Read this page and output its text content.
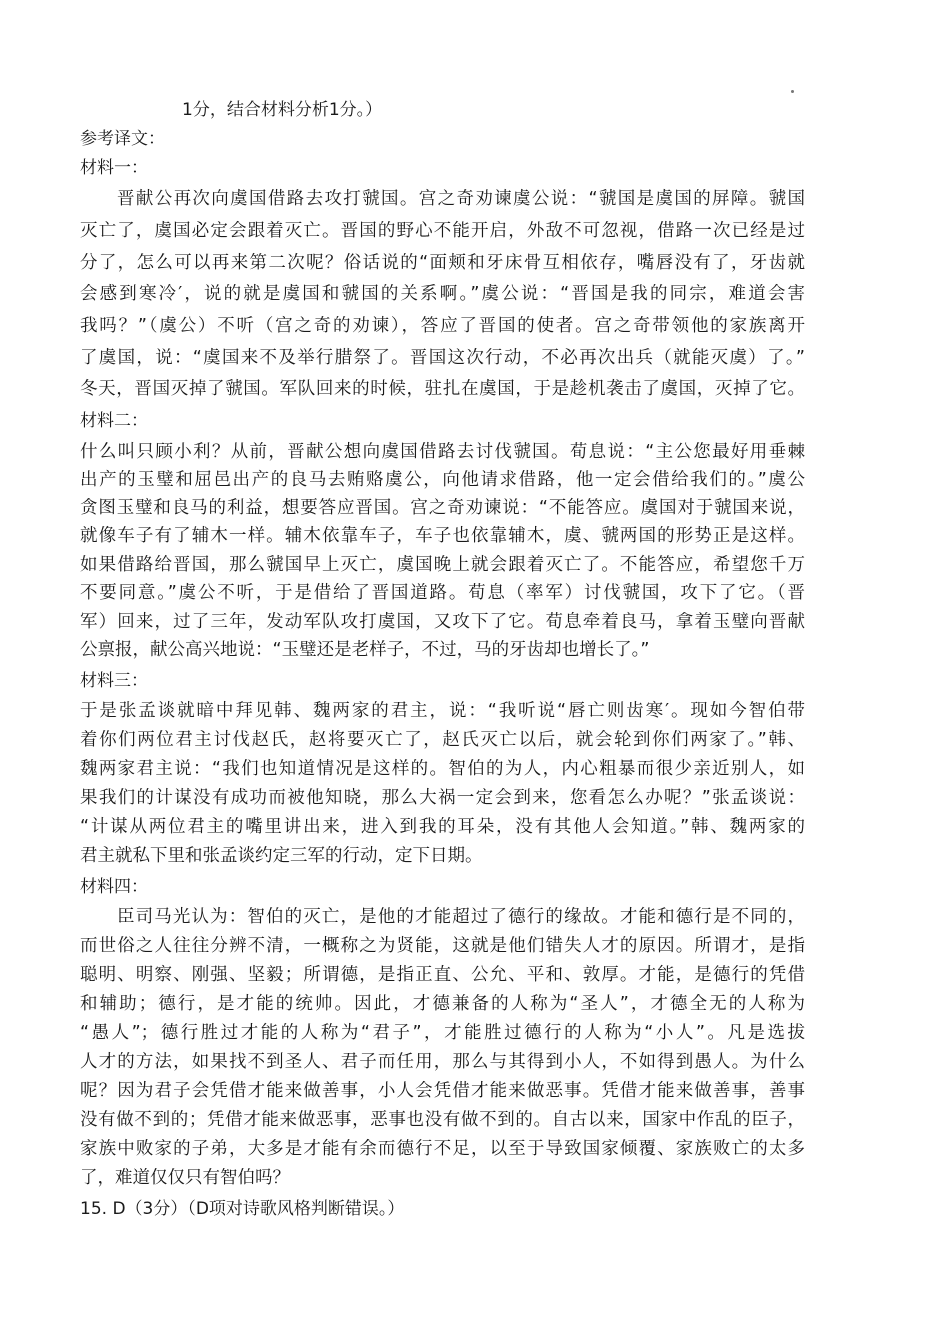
1分，结合材料分析1分。）
参考译文：
材料一：
晋献公再次向虞国借路去攻打虢国。宫之奇劝谏虞公说：“虢国是虞国的屏障。虢国
灭亡了，虞国必定会跟着灭亡。晋国的野心不能开启，外敌不可忽视，借路一次已经是过
分了，怎么可以再来第二次呢？俗话说的“面颊和牙床骨互相依存，嘴唇没有了，牙齿就
会感到寒冷′，说的就是虞国和虢国的关系啊。”虞公说：“晋国是我的同宗，难道会害
我吗？”（虞公）不听（宫之奇的劝谏），答应了晋国的使者。宫之奇带领他的家族离开
了虞国，说：“虞国来不及举行腊祭了。晋国这次行动，不必再次出兵（就能灭虞）了。”
冬天，晋国灭掉了虢国。军队回来的时候，驻扎在虞国，于是趁机袭击了虞国，灭掉了它。
材料二：
什么叫只顾小利？从前，晋献公想向虞国借路去讨伐虢国。荀息说：“主公您最好用垂棘
出产的玉璧和屈邑出产的良马去贿赂虞公，向他请求借路，他一定会借给我们的。”虞公
贪图玉璧和良马的利益，想要答应晋国。宫之奇劝谏说：“不能答应。虞国对于虢国来说，
就像车子有了辅木一样。辅木依靠车子，车子也依靠辅木，虞、虢两国的形势正是这样。
如果借路给晋国，那么虢国早上灭亡，虞国晚上就会跟着灭亡了。不能答应，希望您千万
不要同意。”虞公不听，于是借给了晋国道路。荀息（率军）讨伐虢国，攻下了它。（晋
军）回来，过了三年，发动军队攻打虞国，又攻下了它。荀息牵着良马，拿着玉璧向晋献
公禀报，献公高兴地说：“玉璧还是老样子，不过，马的牙齿却也增长了。”
材料三：
于是张孟谈就暗中拜见韩、魏两家的君主，说：“我听说“唇亡则齿寒′。现如今智伯带
着你们两位君主讨伐赵氏，赵将要灭亡了，赵氏灭亡以后，就会轮到你们两家了。”韩、
魏两家君主说：“我们也知道情况是这样的。智伯的为人，内心粗暴而很少亲近别人，如
果我们的计谋没有成功而被他知晓，那么大祸一定会到来，您看怎么办呢？”张孟谈说：
“计谋从两位君主的嘴里讲出来，进入到我的耳朵，没有其他人会知道。”韩、魏两家的
君主就私下里和张孟谈约定三军的行动，定下日期。
材料四：
臣司马光认为：智伯的灭亡，是他的才能超过了德行的缘故。才能和德行是不同的，
而世俗之人往往分辨不清，一概称之为贤能，这就是他们错失人才的原因。所谓才，是指
聪明、明察、刚强、坚毅；所谓德，是指正直、公允、平和、敦厚。才能，是德行的凭借
和辅助；德行，是才能的统帅。因此，才德兼备的人称为“圣人”，才德全无的人称为
“愚人”；德行胜过才能的人称为“君子”，才能胜过德行的人称为“小人”。凡是选拔
人才的方法，如果找不到圣人、君子而任用，那么与其得到小人，不如得到愚人。为什么
呢？因为君子会凭借才能来做善事，小人会凭借才能来做恶事。凭借才能来做善事，善事
没有做不到的；凭借才能来做恶事，恶事也没有做不到的。自古以来，国家中作乱的臣子，
家族中败家的子弟，大多是才能有余而德行不足，以至于导致国家倾覆、家族败亡的太多
了，难道仅仅只有智伯吗？
15. D（3分）（D项对诗歌风格判断错误。）
